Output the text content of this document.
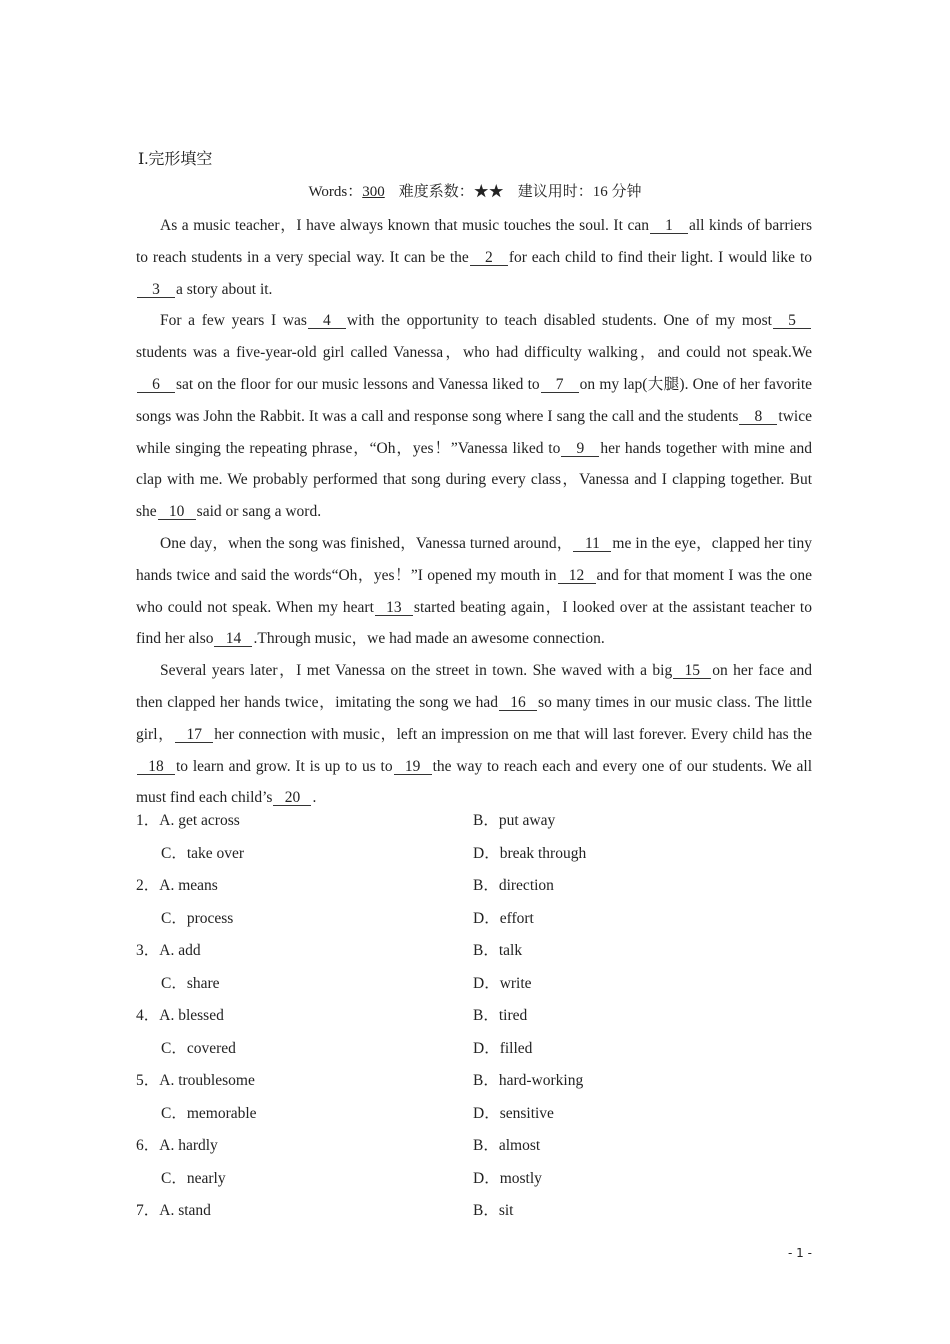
Ⅰ.完形填空
Words：300 难度系数：★★ 建议用时：16 分钟

As a music teacher，I have always known that music touches the soul. It can 1 all kinds of barriers to reach students in a very special way. It can be the 2 for each child to find their light. I would like to3 a story about it.

For a few years I was 4 with the opportunity to teach disabled students. One of my most 5students was a five-year-old girl called Vanessa，who had difficulty walking，and could not speak.We6 sat on the floor for our music lessons and Vanessa liked to 7 on my lap(大腿). One of her favorite songs was John the Rabbit. It was a call and response song where I sang the call and the students 8 twice while singing the repeating phrase，“Oh，yes！”Vanessa liked to 9 her hands together with mine and clap with me. We probably performed that song during every class，Vanessa and I clapping together. But she 10 said or sang a word.

One day，when the song was finished，Vanessa turned around， 11 me in the eye，clapped her tiny hands twice and said the words“Oh，yes！”I opened my mouth in 12 and for that moment I was the one who could not speak. When my heart 13 started beating again，I looked over at the assistant teacher to find her also 14 .Through music，we had made an awesome connection.

Several years later，I met Vanessa on the street in town. She waved with a big 15 on her face and then clapped her hands twice，imitating the song we had 16 so many times in our music class. The little girl， 17 her connection with music，left an impression on me that will last forever. Every child has the18 to learn and grow. It is up to us to 19 the way to reach each and every one of our students. We all must find each child’s 20 .

1．A. get across	B．put away
C．take over	D．break through
2．A. means	B．direction
C．process	D．effort
3．A. add	B．talk
C．share	D．write
4．A. blessed	B．tired
C．covered	D．filled
5．A. troublesome	B．hard-working
C．memorable	D．sensitive
6．A. hardly	B．almost
C．nearly	D．mostly
7．A. stand	B．sit
- 1 -
